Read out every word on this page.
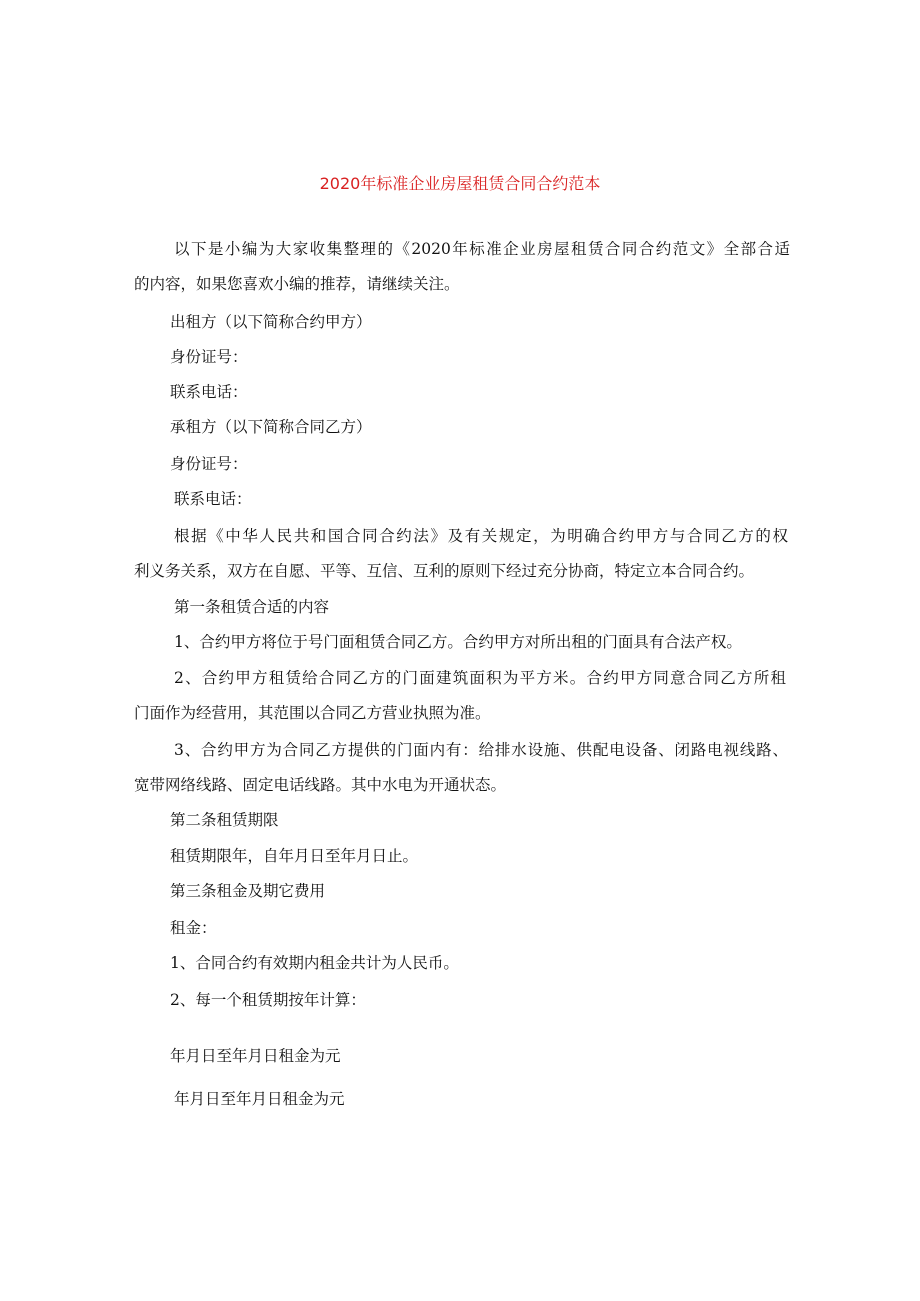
2020年标准企业房屋租赁合同合约范本
以下是小编为大家收集整理的《2020年标准企业房屋租赁合同合约范文》全部合适
的内容，如果您喜欢小编的推荐，请继续关注。
出租方（以下简称合约甲方）
身份证号：
联系电话：
承租方（以下简称合同乙方）
身份证号：
联系电话：
根据《中华人民共和国合同合约法》及有关规定，为明确合约甲方与合同乙方的权
利义务关系，双方在自愿、平等、互信、互利的原则下经过充分协商，特定立本合同合约。
第一条租赁合适的内容
1、合约甲方将位于号门面租赁合同乙方。合约甲方对所出租的门面具有合法产权。
2、合约甲方租赁给合同乙方的门面建筑面积为平方米。合约甲方同意合同乙方所租
门面作为经营用，其范围以合同乙方营业执照为准。
3、合约甲方为合同乙方提供的门面内有：给排水设施、供配电设备、闭路电视线路、
宽带网络线路、固定电话线路。其中水电为开通状态。
第二条租赁期限
租赁期限年，自年月日至年月日止。
第三条租金及期它费用
租金：
1、合同合约有效期内租金共计为人民币。
2、每一个租赁期按年计算：
年月日至年月日租金为元
年月日至年月日租金为元
